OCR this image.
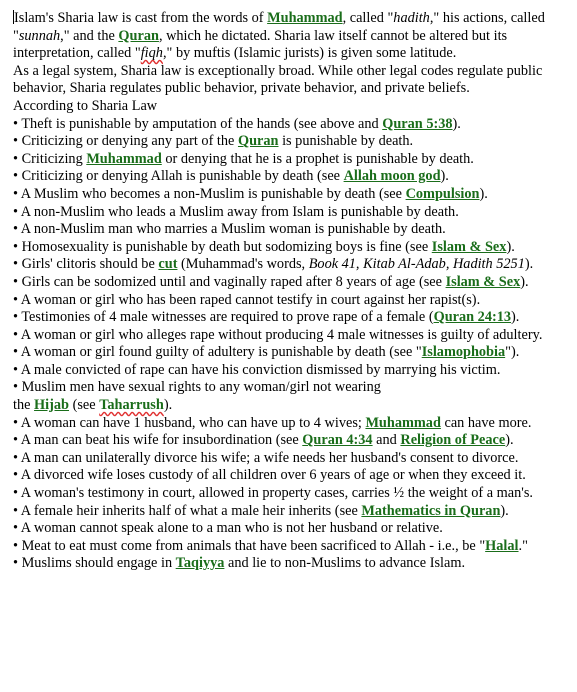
Islam's Sharia law is cast from the words of Muhammad, called "hadith," his actions, called "sunnah," and the Quran, which he dictated. Sharia law itself cannot be altered but its interpretation, called "fiqh," by muftis (Islamic jurists) is given some latitude.

As a legal system, Sharia law is exceptionally broad. While other legal codes regulate public behavior, Sharia regulates public behavior, private behavior, and private beliefs.

According to Sharia Law

• Theft is punishable by amputation of the hands (see above and Quran 5:38).

• Criticizing or denying any part of the Quran is punishable by death.

• Criticizing Muhammad or denying that he is a prophet is punishable by death.

• Criticizing or denying Allah is punishable by death (see Allah moon god).

• A Muslim who becomes a non-Muslim is punishable by death (see Compulsion).

• A non-Muslim who leads a Muslim away from Islam is punishable by death.

• A non-Muslim man who marries a Muslim woman is punishable by death.

• Homosexuality is punishable by death but sodomizing boys is fine (see Islam & Sex).

• Girls' clitoris should be cut (Muhammad's words, Book 41, Kitab Al-Adab, Hadith 5251).

• Girls can be sodomized until and vaginally raped after 8 years of age (see Islam & Sex).

• A woman or girl who has been raped cannot testify in court against her rapist(s).

• Testimonies of 4 male witnesses are required to prove rape of a female (Quran 24:13).

• A woman or girl who alleges rape without producing 4 male witnesses is guilty of adultery.

• A woman or girl found guilty of adultery is punishable by death (see "Islamophobia").

• A male convicted of rape can have his conviction dismissed by marrying his victim.

• Muslim men have sexual rights to any woman/girl not wearing

the Hijab (see Taharrush).

• A woman can have 1 husband, who can have up to 4 wives; Muhammad can have more.

• A man can beat his wife for insubordination (see Quran 4:34 and Religion of Peace).

• A man can unilaterally divorce his wife; a wife needs her husband's consent to divorce.

• A divorced wife loses custody of all children over 6 years of age or when they exceed it.

• A woman's testimony in court, allowed in property cases, carries ½ the weight of a man's.

• A female heir inherits half of what a male heir inherits (see Mathematics in Quran).

• A woman cannot speak alone to a man who is not her husband or relative.

• Meat to eat must come from animals that have been sacrificed to Allah - i.e., be "Halal."

• Muslims should engage in Taqiyya and lie to non-Muslims to advance Islam.
